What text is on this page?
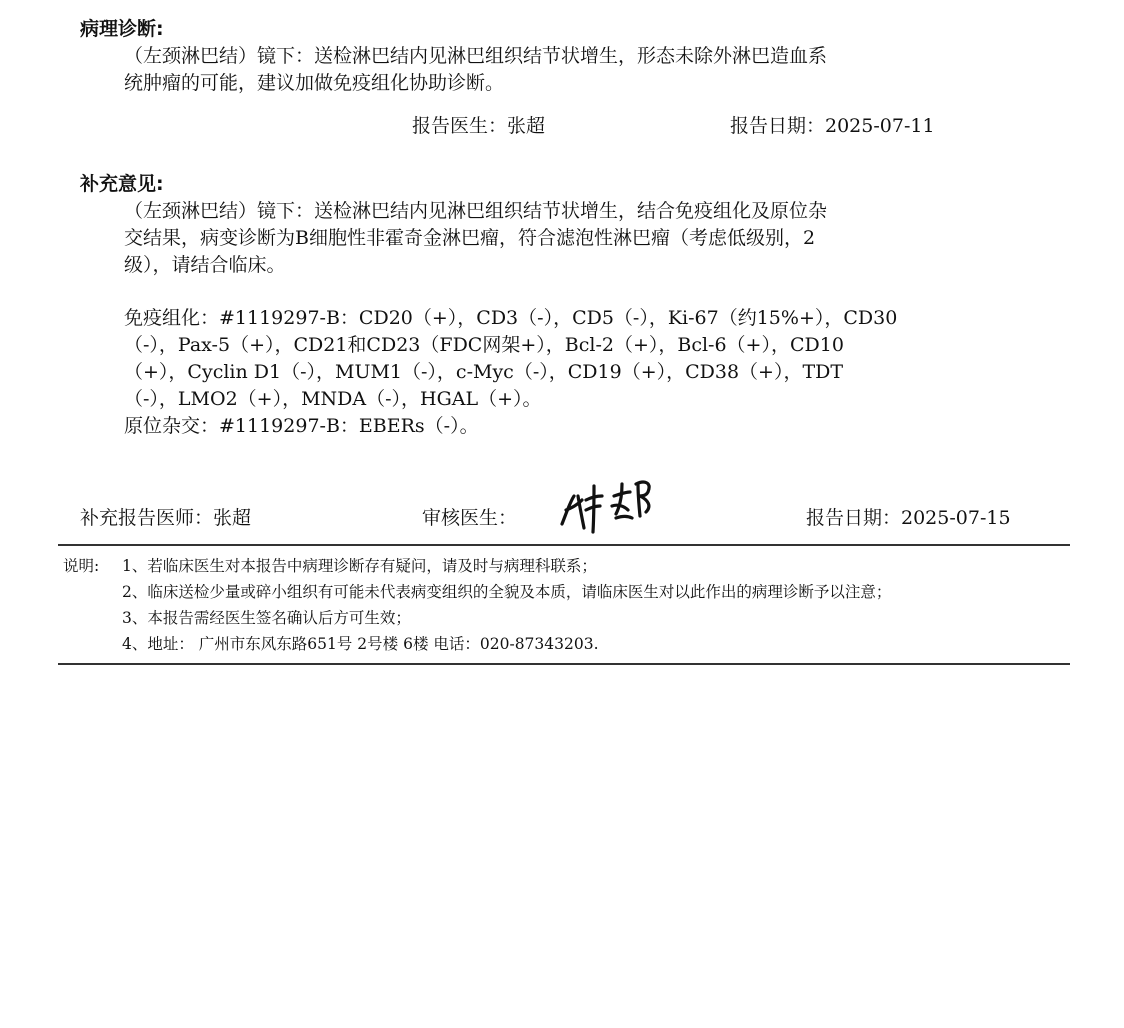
病理诊断:
（左颈淋巴结）镜下：送检淋巴结内见淋巴组织结节状增生，形态未除外淋巴造血系
统肿瘤的可能，建议加做免疫组化协助诊断。
报告医生：张超	报告日期：2025-07-11
补充意见:
（左颈淋巴结）镜下：送检淋巴结内见淋巴组织结节状增生，结合免疫组化及原位杂
交结果，病变诊断为B细胞性非霍奇金淋巴瘤，符合滤泡性淋巴瘤（考虑低级别，2
级），请结合临床。
免疫组化：#1119297-B：CD20（+），CD3（-），CD5（-），Ki-67（约15%+），CD30
（-），Pax-5（+），CD21和CD23（FDC网架+），Bcl-2（+），Bcl-6（+），CD10
（+），Cyclin D1（-），MUM1（-），c-Myc（-），CD19（+），CD38（+），TDT
（-），LMO2（+），MNDA（-），HGAL（+）。
原位杂交：#1119297-B：EBERs（-）。
补充报告医师：张超	审核医生：	报告日期：2025-07-15
说明: 1、若临床医生对本报告中病理诊断存有疑问，请及时与病理科联系；
2、临床送检少量或碎小组织有可能未代表病变组织的全貌及本质，请临床医生对以此作出的病理诊断予以注意；
3、本报告需经医生签名确认后方可生效；
4、地址： 广州市东风东路651号 2号楼 6楼 电话：020-87343203.
